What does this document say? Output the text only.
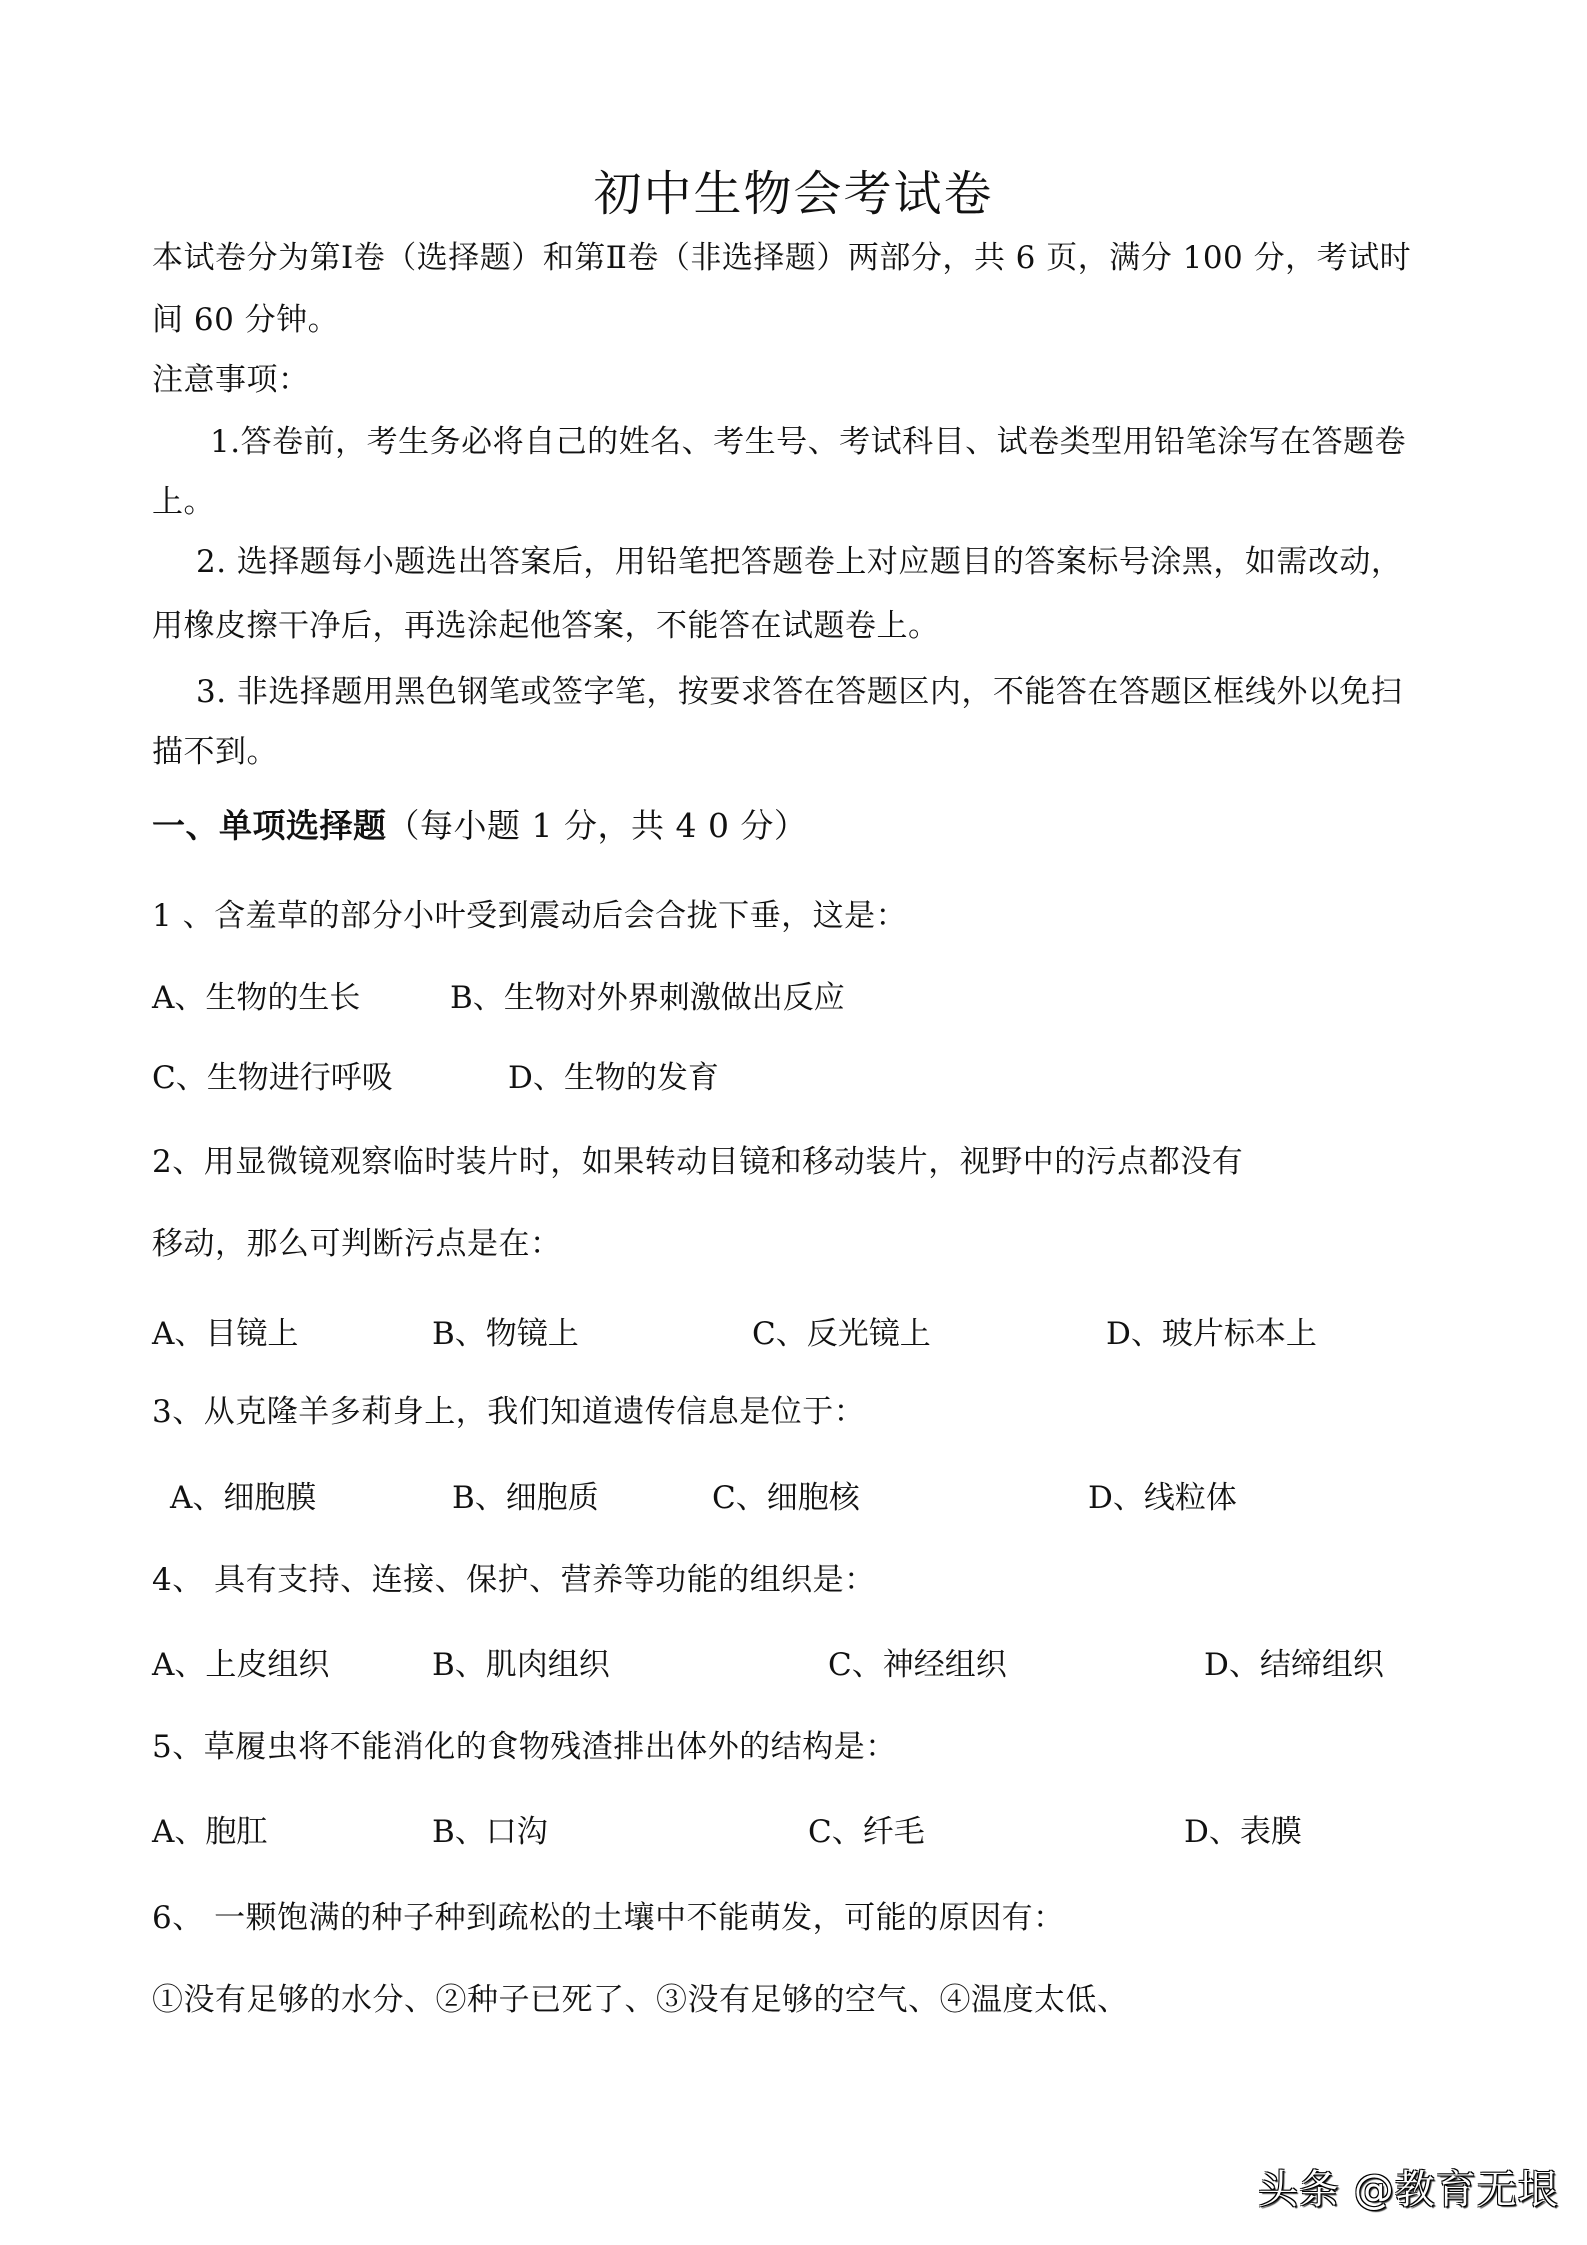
初中生物会考试卷
本试卷分为第Ⅰ卷（选择题）和第Ⅱ卷（非选择题）两部分，共 6 页，满分 100 分，考试时
间 60 分钟。
注意事项：
1.答卷前，考生务必将自己的姓名、考生号、考试科目、试卷类型用铅笔涂写在答题卷
上。
2. 选择题每小题选出答案后，用铅笔把答题卷上对应题目的答案标号涂黑，如需改动，
用橡皮擦干净后，再选涂起他答案，不能答在试题卷上。
3. 非选择题用黑色钢笔或签字笔，按要求答在答题区内，不能答在答题区框线外以免扫
描不到。
一、单项选择题（每小题 1 分，共 4 0 分）
1 、含羞草的部分小叶受到震动后会合拢下垂，这是：
A、生物的生长	B、生物对外界刺激做出反应
C、生物进行呼吸	D、生物的发育
2、用显微镜观察临时装片时，如果转动目镜和移动装片，视野中的污点都没有
移动，那么可判断污点是在：
A、目镜上	B、物镜上	C、反光镜上	D、玻片标本上
3、从克隆羊多莉身上，我们知道遗传信息是位于：
A、细胞膜	B、细胞质	C、细胞核	D、线粒体
4、 具有支持、连接、保护、营养等功能的组织是：
A、上皮组织	B、肌肉组织	C、神经组织	D、结缔组织
5、草履虫将不能消化的食物残渣排出体外的结构是：
A、胞肛	B、口沟	C、纤毛	D、表膜
6、 一颗饱满的种子种到疏松的土壤中不能萌发，可能的原因有：
①没有足够的水分、②种子已死了、③没有足够的空气、④温度太低、
头条 @教育无垠
